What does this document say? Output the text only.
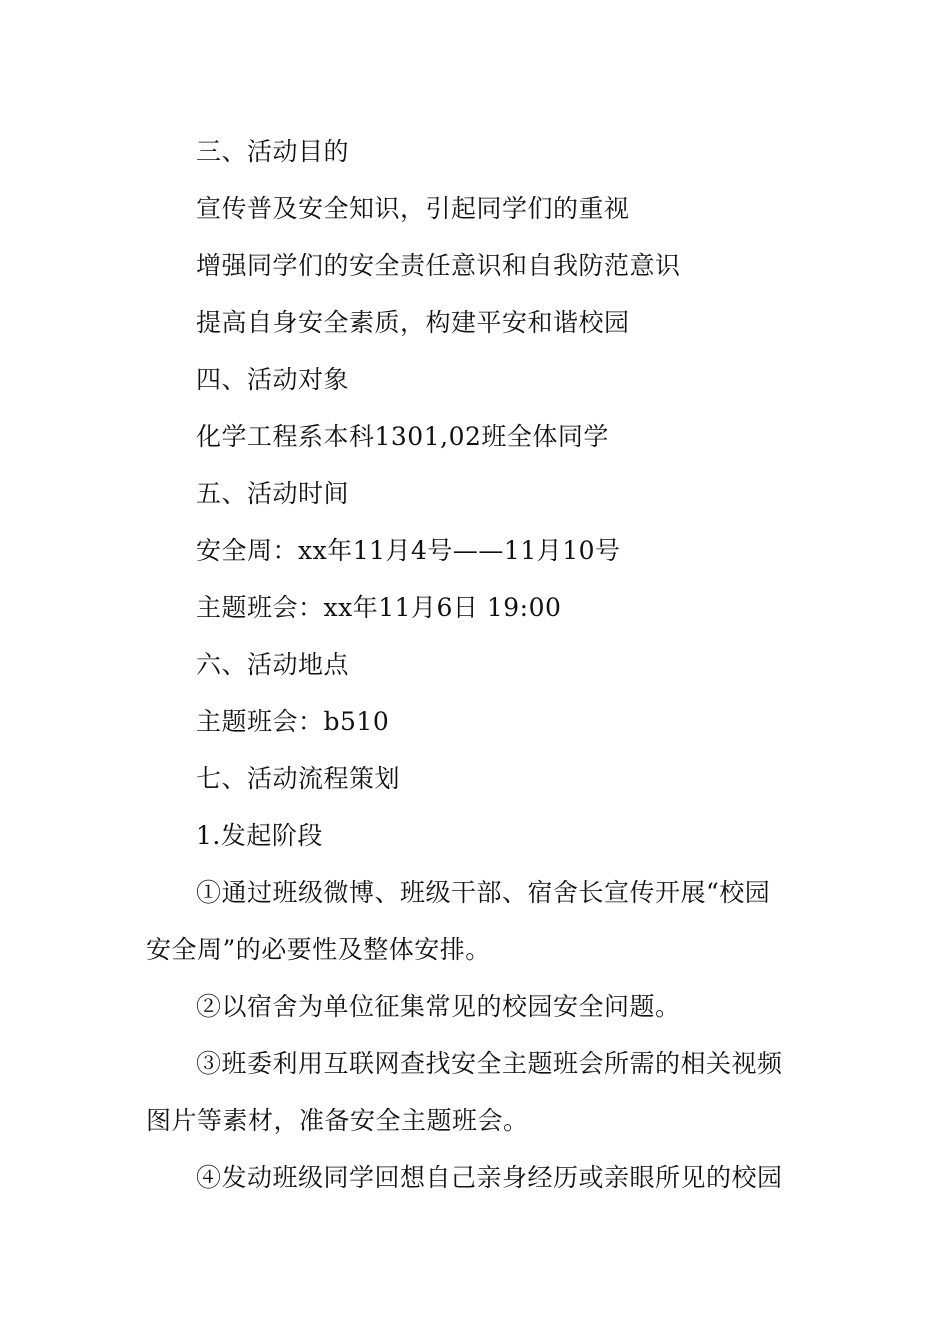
三、活动目的
宣传普及安全知识，引起同学们的重视
增强同学们的安全责任意识和自我防范意识
提高自身安全素质，构建平安和谐校园
四、活动对象
化学工程系本科1301,02班全体同学
五、活动时间
安全周：xx年11月4号——11月10号
主题班会：xx年11月6日 19:00
六、活动地点
主题班会：b510
七、活动流程策划
1.发起阶段
①通过班级微博、班级干部、宿舍长宣传开展“校园
安全周”的必要性及整体安排。
②以宿舍为单位征集常见的校园安全问题。
③班委利用互联网查找安全主题班会所需的相关视频
图片等素材，准备安全主题班会。
④发动班级同学回想自己亲身经历或亲眼所见的校园
